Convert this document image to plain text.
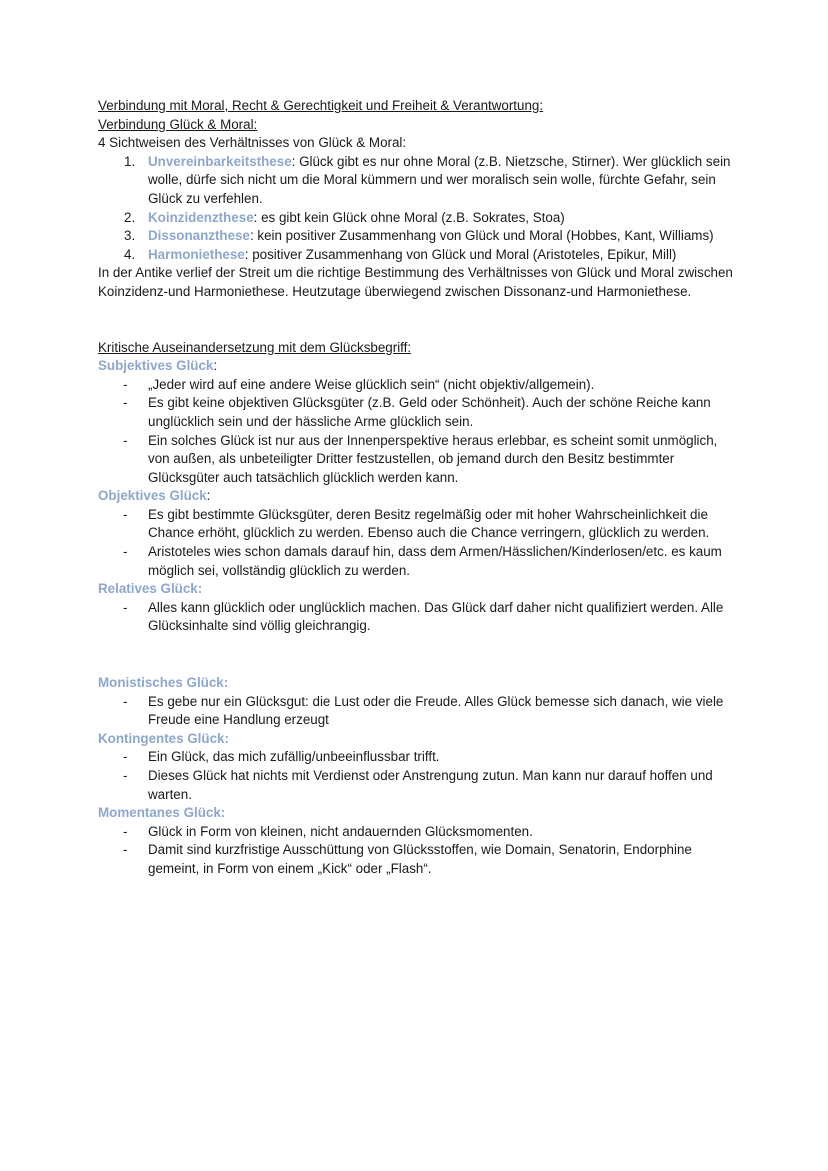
Verbindung mit Moral, Recht & Gerechtigkeit und Freiheit & Verantwortung:

Verbindung Glück & Moral:

4 Sichtweisen des Verhältnisses von Glück & Moral:

1. Unvereinbarkeitsthese: Glück gibt es nur ohne Moral (z.B. Nietzsche, Stirner). Wer glücklich sein wolle, dürfe sich nicht um die Moral kümmern und wer moralisch sein wolle, fürchte Gefahr, sein Glück zu verfehlen.
2. Koinzidenzthese: es gibt kein Glück ohne Moral (z.B. Sokrates, Stoa)
3. Dissonanzthese: kein positiver Zusammenhang von Glück und Moral (Hobbes, Kant, Williams)
4. Harmoniethese: positiver Zusammenhang von Glück und Moral (Aristoteles, Epikur, Mill)

In der Antike verlief der Streit um die richtige Bestimmung des Verhältnisses von Glück und Moral zwischen Koinzidenz-und Harmoniethese. Heutzutage überwiegend zwischen Dissonanz-und Harmoniethese.

Kritische Auseinandersetzung mit dem Glücksbegriff:

Subjektives Glück:

- „Jeder wird auf eine andere Weise glücklich sein“ (nicht objektiv/allgemein).
- Es gibt keine objektiven Glücksgüter (z.B. Geld oder Schönheit). Auch der schöne Reiche kann unglücklich sein und der hässliche Arme glücklich sein.
- Ein solches Glück ist nur aus der Innenperspektive heraus erlebbar, es scheint somit unmöglich, von außen, als unbeteiligter Dritter festzustellen, ob jemand durch den Besitz bestimmter Glücksgüter auch tatsächlich glücklich werden kann.

Objektives Glück:

- Es gibt bestimmte Glücksgüter, deren Besitz regelmäßig oder mit hoher Wahrscheinlichkeit die Chance erhöht, glücklich zu werden. Ebenso auch die Chance verringern, glücklich zu werden.
- Aristoteles wies schon damals darauf hin, dass dem Armen/Hässlichen/Kinderlosen/etc. es kaum möglich sei, vollständig glücklich zu werden.

Relatives Glück:

- Alles kann glücklich oder unglücklich machen. Das Glück darf daher nicht qualifiziert werden. Alle Glücksinhalte sind völlig gleichrangig.

Monistisches Glück:

- Es gebe nur ein Glücksgut: die Lust oder die Freude. Alles Glück bemesse sich danach, wie viele Freude eine Handlung erzeugt

Kontingentes Glück:

- Ein Glück, das mich zufällig/unbeeinflussbar trifft.
- Dieses Glück hat nichts mit Verdienst oder Anstrengung zutun. Man kann nur darauf hoffen und warten.

Momentanes Glück:

- Glück in Form von kleinen, nicht andauernden Glücksmomenten.
- Damit sind kurzfristige Ausschüttung von Glücksstoffen, wie Domain, Senatorin, Endorphine gemeint, in Form von einem „Kick“ oder „Flash“.
